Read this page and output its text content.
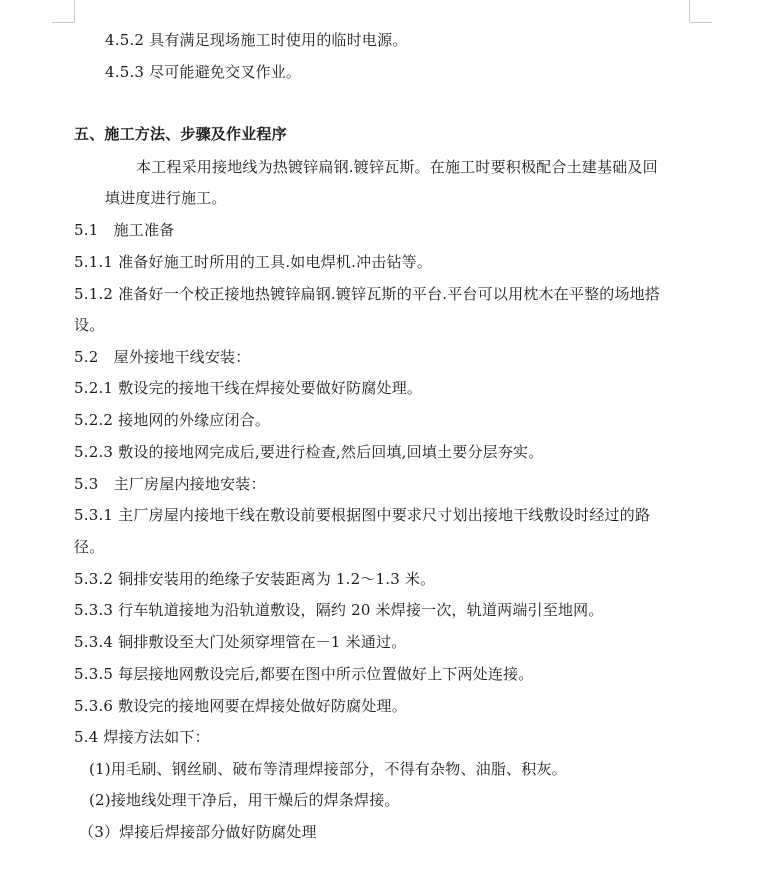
4.5.2 具有满足现场施工时使用的临时电源。
4.5.3 尽可能避免交叉作业。
五、施工方法、步骤及作业程序
本工程采用接地线为热镀锌扁钢.镀锌瓦斯。在施工时要积极配合土建基础及回
填进度进行施工。
5.1　施工准备
5.1.1 准备好施工时所用的工具.如电焊机.冲击钻等。
5.1.2 准备好一个校正接地热镀锌扁钢.镀锌瓦斯的平台.平台可以用枕木在平整的场地搭
设。
5.2　屋外接地干线安装：
5.2.1 敷设完的接地干线在焊接处要做好防腐处理。
5.2.2 接地网的外缘应闭合。
5.2.3 敷设的接地网完成后,要进行检查,然后回填,回填土要分层夯实。
5.3　主厂房屋内接地安装：
5.3.1 主厂房屋内接地干线在敷设前要根据图中要求尺寸划出接地干线敷设时经过的路
径。
5.3.2 铜排安装用的绝缘子安装距离为 1.2～1.3 米。
5.3.3 行车轨道接地为沿轨道敷设，隔约 20 米焊接一次，轨道两端引至地网。
5.3.4 铜排敷设至大门处须穿埋管在－1 米通过。
5.3.5 每层接地网敷设完后,都要在图中所示位置做好上下两处连接。
5.3.6 敷设完的接地网要在焊接处做好防腐处理。
5.4 焊接方法如下：
(1)用毛刷、钢丝刷、破布等清理焊接部分，不得有杂物、油脂、积灰。
(2)接地线处理干净后，用干燥后的焊条焊接。
（3）焊接后焊接部分做好防腐处理
